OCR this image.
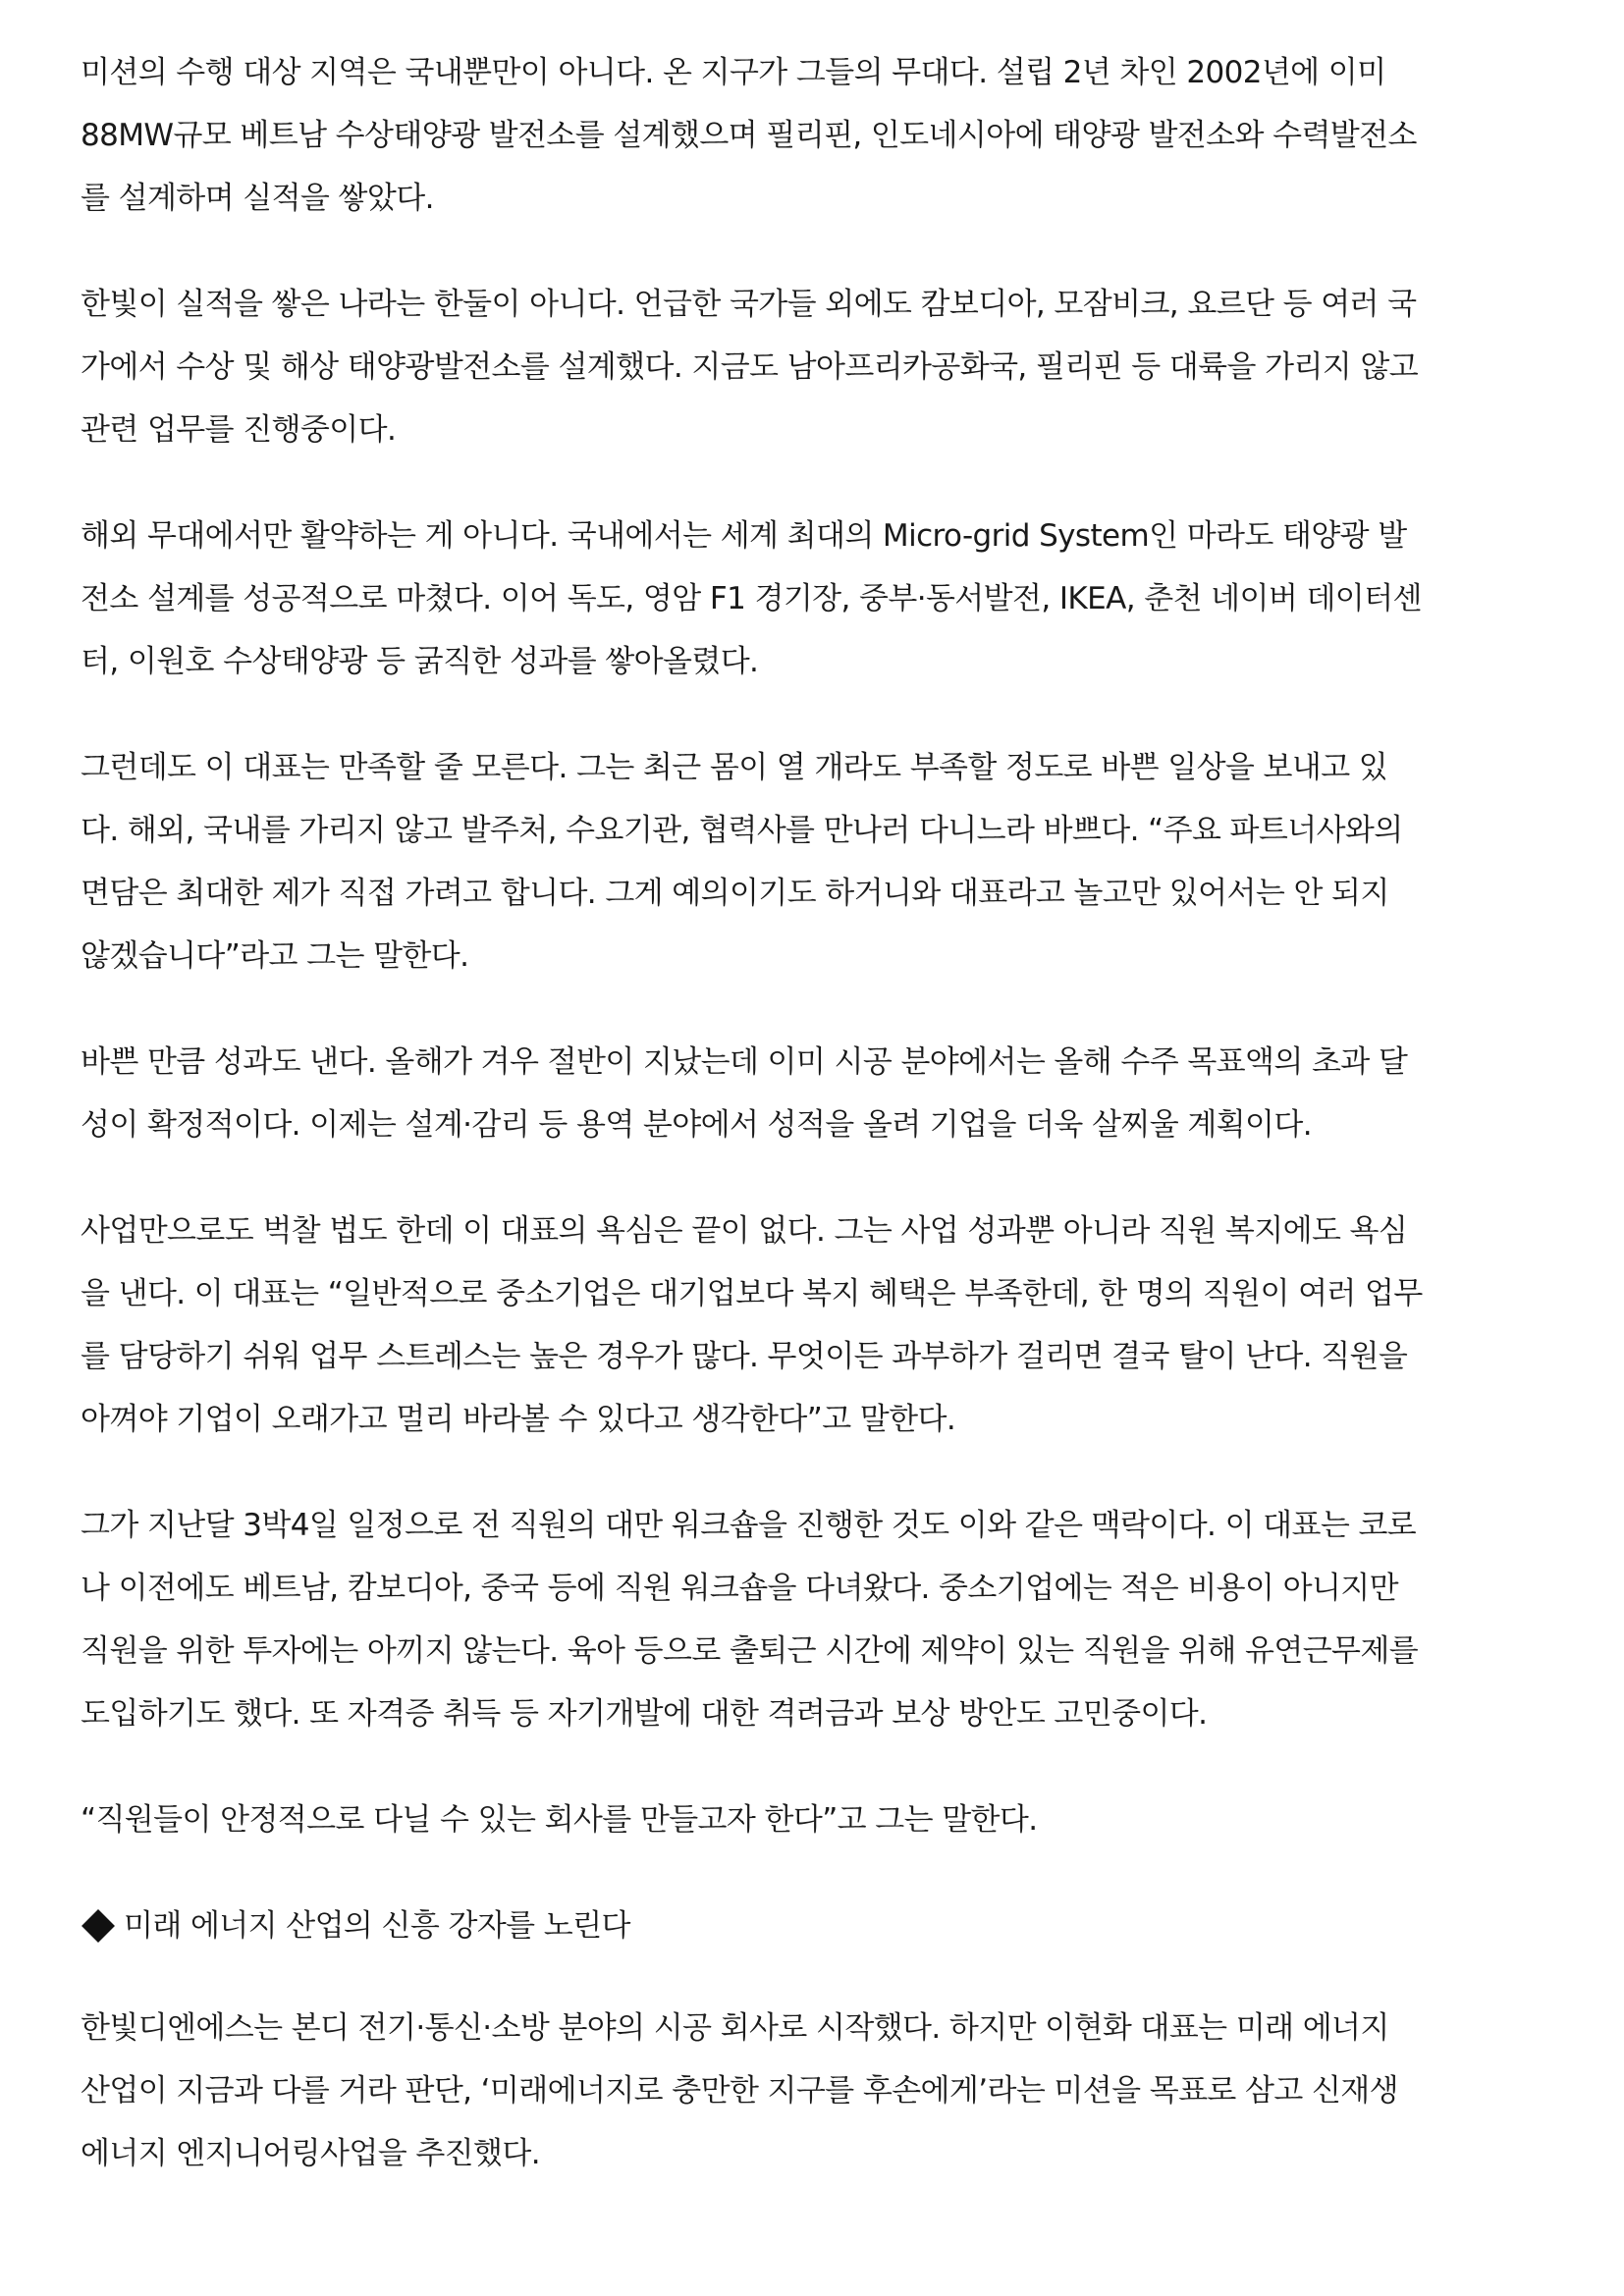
미션의 수행 대상 지역은 국내뿐만이 아니다. 온 지구가 그들의 무대다. 설립 2년 차인 2002년에 이미
88MW규모 베트남 수상태양광 발전소를 설계했으며 필리핀, 인도네시아에 태양광 발전소와 수력발전소
를 설계하며 실적을 쌓았다.
한빛이 실적을 쌓은 나라는 한둘이 아니다. 언급한 국가들 외에도 캄보디아, 모잠비크, 요르단 등 여러 국
가에서 수상 및 해상 태양광발전소를 설계했다. 지금도 남아프리카공화국, 필리핀 등 대륙을 가리지 않고
관련 업무를 진행중이다.
해외 무대에서만 활약하는 게 아니다. 국내에서는 세계 최대의 Micro-grid System인 마라도 태양광 발
전소 설계를 성공적으로 마쳤다. 이어 독도, 영암 F1 경기장, 중부·동서발전, IKEA, 춘천 네이버 데이터센
터, 이원호 수상태양광 등 굵직한 성과를 쌓아올렸다.
그런데도 이 대표는 만족할 줄 모른다. 그는 최근 몸이 열 개라도 부족할 정도로 바쁜 일상을 보내고 있
다. 해외, 국내를 가리지 않고 발주처, 수요기관, 협력사를 만나러 다니느라 바쁘다. “주요 파트너사와의
면담은 최대한 제가 직접 가려고 합니다. 그게 예의이기도 하거니와 대표라고 놀고만 있어서는 안 되지
않겠습니다”라고 그는 말한다.
바쁜 만큼 성과도 낸다. 올해가 겨우 절반이 지났는데 이미 시공 분야에서는 올해 수주 목표액의 초과 달
성이 확정적이다. 이제는 설계·감리 등 용역 분야에서 성적을 올려 기업을 더욱 살찌울 계획이다.
사업만으로도 벅찰 법도 한데 이 대표의 욕심은 끝이 없다. 그는 사업 성과뿐 아니라 직원 복지에도 욕심
을 낸다. 이 대표는 “일반적으로 중소기업은 대기업보다 복지 혜택은 부족한데, 한 명의 직원이 여러 업무
를 담당하기 쉬워 업무 스트레스는 높은 경우가 많다. 무엇이든 과부하가 걸리면 결국 탈이 난다. 직원을
아껴야 기업이 오래가고 멀리 바라볼 수 있다고 생각한다”고 말한다.
그가 지난달 3박4일 일정으로 전 직원의 대만 워크숍을 진행한 것도 이와 같은 맥락이다. 이 대표는 코로
나 이전에도 베트남, 캄보디아, 중국 등에 직원 워크숍을 다녀왔다. 중소기업에는 적은 비용이 아니지만
직원을 위한 투자에는 아끼지 않는다. 육아 등으로 출퇴근 시간에 제약이 있는 직원을 위해 유연근무제를
도입하기도 했다. 또 자격증 취득 등 자기개발에 대한 격려금과 보상 방안도 고민중이다.
“직원들이 안정적으로 다닐 수 있는 회사를 만들고자 한다”고 그는 말한다.
미래 에너지 산업의 신흥 강자를 노린다
한빛디엔에스는 본디 전기·통신·소방 분야의 시공 회사로 시작했다. 하지만 이현화 대표는 미래 에너지
산업이 지금과 다를 거라 판단, ‘미래에너지로 충만한 지구를 후손에게’라는 미션을 목표로 삼고 신재생
에너지 엔지니어링사업을 추진했다.
